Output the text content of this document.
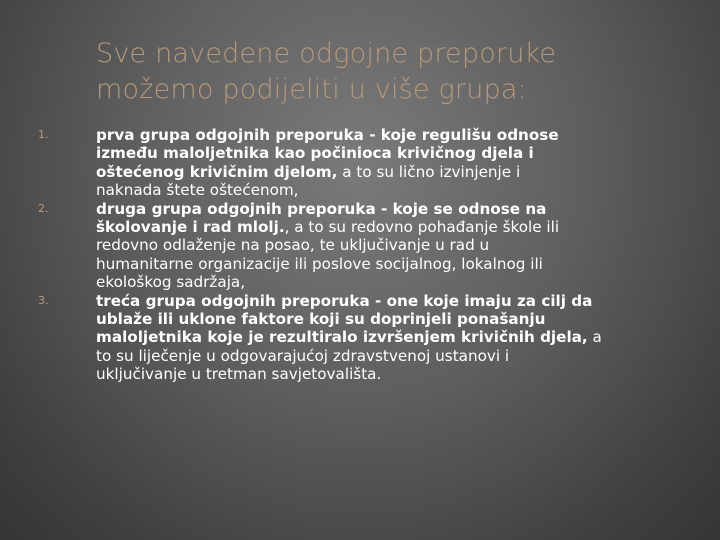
Sve navedene odgojne preporuke
možemo podijeliti u više grupa:
1.	prva grupa odgojnih preporuka - koje regulišu odnose
između maloljetnika kao počinioca krivičnog djela i
oštećenog krivičnim djelom, a to su lično izvinjenje i
naknada štete oštećenom,
2.	druga grupa odgojnih preporuka - koje se odnose na
školovanje i rad mlolj., a to su redovno pohađanje škole ili
redovno odlaženje na posao, te uključivanje u rad u
humanitarne organizacije ili poslove socijalnog, lokalnog ili
ekološkog sadržaja,
3.	treća grupa odgojnih preporuka - one koje imaju za cilj da
ublaže ili uklone faktore koji su doprinjeli ponašanju
maloljetnika koje je rezultiralo izvršenjem krivičnih djela, a
to su liječenje u odgovarajućoj zdravstvenoj ustanovi i
uključivanje u tretman savjetovališta.
